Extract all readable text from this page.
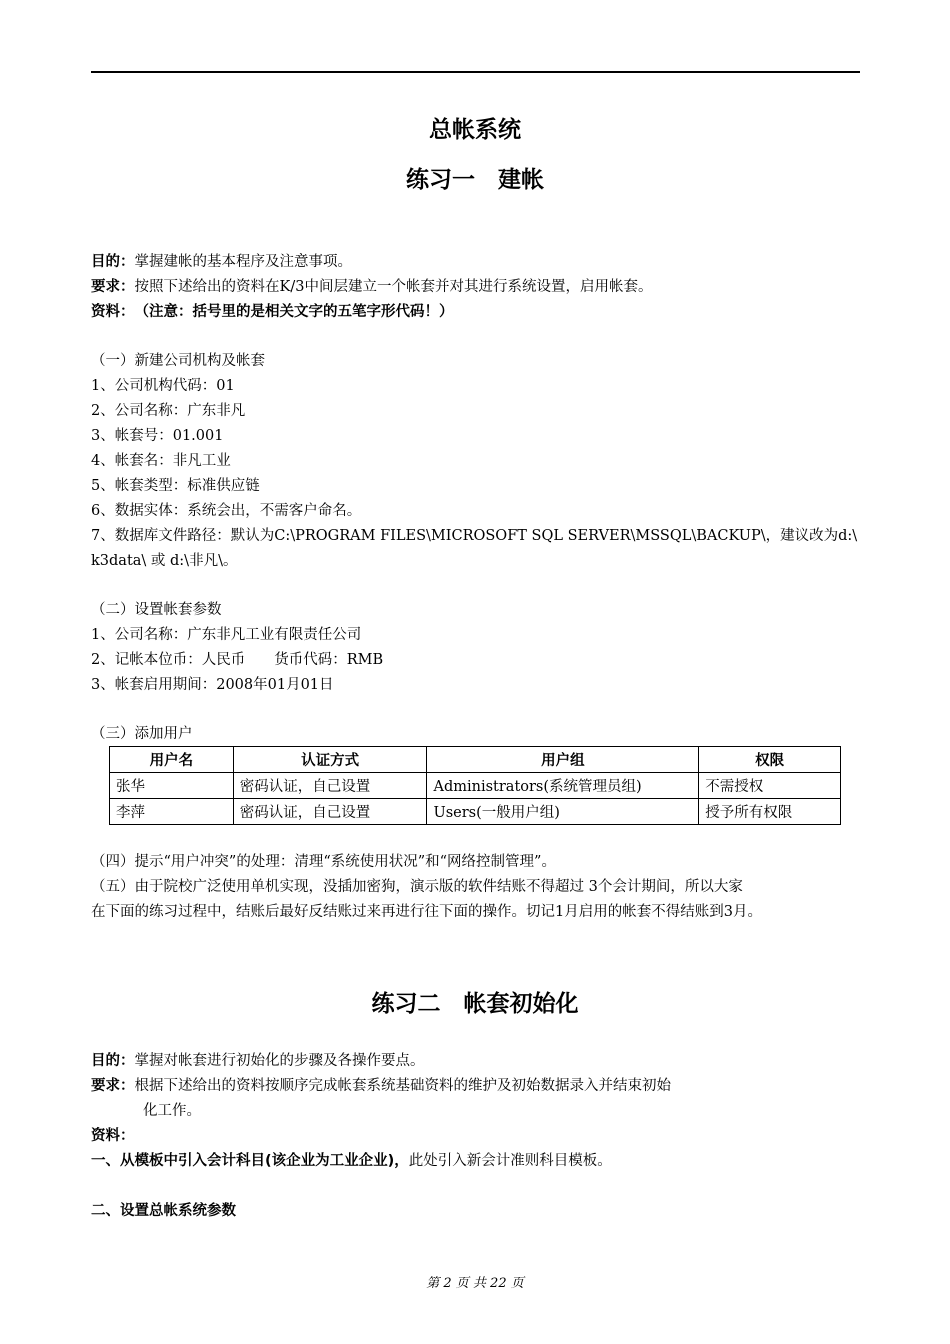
总帐系统
练习一　建帐
目的：掌握建帐的基本程序及注意事项。
要求：按照下述给出的资料在K/3中间层建立一个帐套并对其进行系统设置，启用帐套。
资料：　（注意：括号里的是相关文字的五笔字形代码！）
（一）新建公司机构及帐套
1、公司机构代码：01
2、公司名称：广东非凡
3、帐套号：01.001
4、帐套名：非凡工业
5、帐套类型：标准供应链
6、数据实体：系统会出，不需客户命名。
7、数据库文件路径：默认为C:\PROGRAM FILES\MICROSOFT SQL SERVER\MSSQL\BACKUP\，建议改为d:\
k3data\ 或 d:\非凡\。
（二）设置帐套参数
1、公司名称：广东非凡工业有限责任公司
2、记帐本位币：人民币　　货币代码：RMB
3、帐套启用期间：2008年01月01日
（三）添加用户
用户名	认证方式	用户组	权限
张华	密码认证，自己设置	Administrators(系统管理员组)	不需授权
李萍	密码认证，自己设置	Users(一般用户组)	授予所有权限
（四）提示“用户冲突”的处理：清理“系统使用状况”和“网络控制管理”。
（五）由于院校广泛使用单机实现，没插加密狗，演示版的软件结账不得超过 3个会计期间，所以大家
在下面的练习过程中，结账后最好反结账过来再进行往下面的操作。切记1月启用的帐套不得结账到3月。
练习二　帐套初始化
目的：掌握对帐套进行初始化的步骤及各操作要点。
要求：根据下述给出的资料按顺序完成帐套系统基础资料的维护及初始数据录入并结束初始
化工作。
资料：
一、从模板中引入会计科目(该企业为工业企业)，此处引入新会计准则科目模板。
二、设置总帐系统参数
第 2 页 共 22 页
